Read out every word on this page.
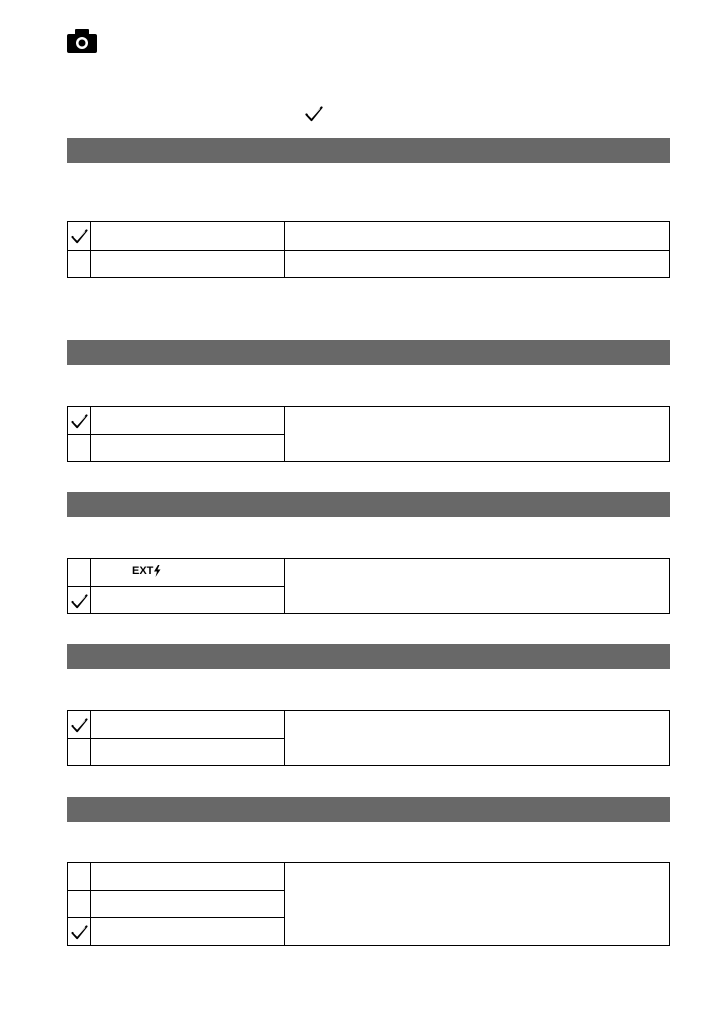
EXT
